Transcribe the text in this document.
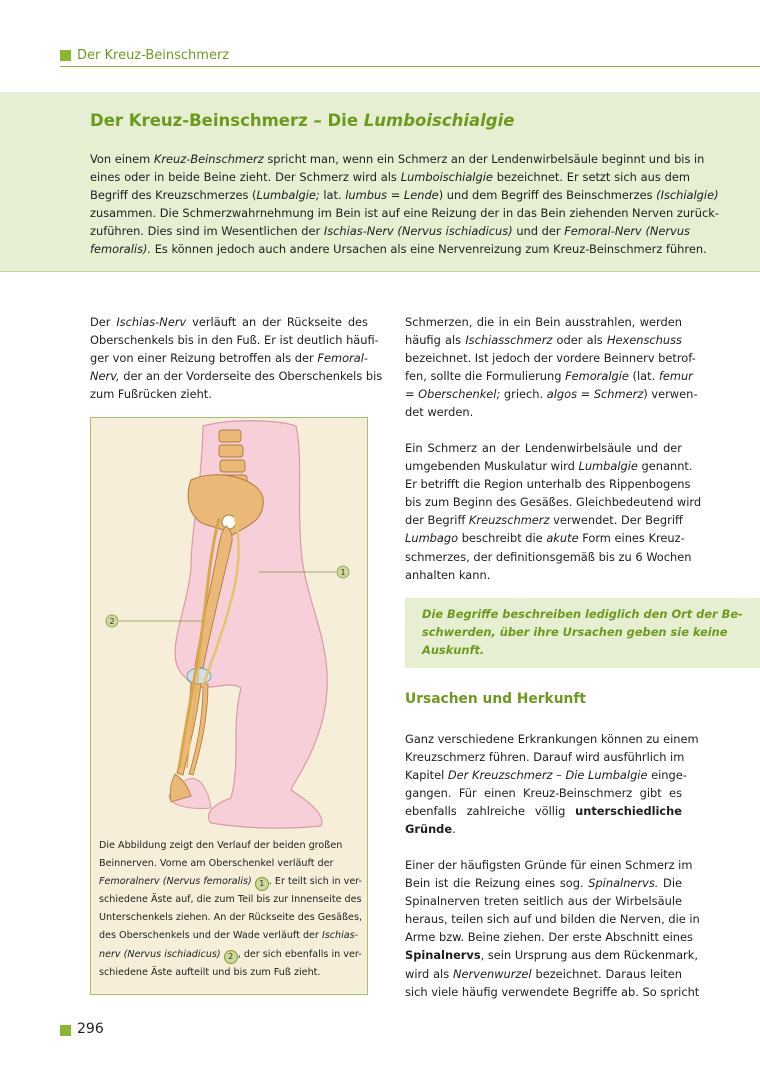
Der Kreuz-Beinschmerz
Der Kreuz-Beinschmerz – Die Lumboischialgie
Von einem Kreuz-Beinschmerz spricht man, wenn ein Schmerz an der Lendenwirbelsäule beginnt und bis in
eines oder in beide Beine zieht. Der Schmerz wird als Lumboischialgie bezeichnet. Er setzt sich aus dem
Begriff des Kreuzschmerzes (Lumbalgie; lat. lumbus = Lende) und dem Begriff des Beinschmerzes (Ischialgie)
zusammen. Die Schmerzwahrnehmung im Bein ist auf eine Reizung der in das Bein ziehenden Nerven zurück-
zuführen. Dies sind im Wesentlichen der Ischias-Nerv (Nervus ischiadicus) und der Femoral-Nerv (Nervus
femoralis). Es können jedoch auch andere Ursachen als eine Nervenreizung zum Kreuz-Beinschmerz führen.
Der Ischias-Nerv verläuft an der Rückseite des
Oberschenkels bis in den Fuß. Er ist deutlich häufi-
ger von einer Reizung betroffen als der Femoral-
Nerv, der an der Vorderseite des Oberschenkels bis
zum Fußrücken zieht.
1
2
Die Abbildung zeigt den Verlauf der beiden großen
Beinnerven. Vorne am Oberschenkel verläuft der
Femoralnerv (Nervus femoralis) 1 . Er teilt sich in ver-
schiedene Äste auf, die zum Teil bis zur Innenseite des
Unterschenkels ziehen. An der Rückseite des Gesäßes,
des Oberschenkels und der Wade verläuft der Ischias-
nerv (Nervus ischiadicus) 2 , der sich ebenfalls in ver-
schiedene Äste aufteilt und bis zum Fuß zieht.
Schmerzen, die in ein Bein ausstrahlen, werden
häufig als Ischiasschmerz oder als Hexenschuss
bezeichnet. Ist jedoch der vordere Beinnerv betrof-
fen, sollte die Formulierung Femoralgie (lat. femur
= Oberschenkel; griech. algos = Schmerz) verwen-
det werden.
Ein Schmerz an der Lendenwirbelsäule und der
umgebenden Muskulatur wird Lumbalgie genannt.
Er betrifft die Region unterhalb des Rippenbogens
bis zum Beginn des Gesäßes. Gleichbedeutend wird
der Begriff Kreuzschmerz verwendet. Der Begriff
Lumbago beschreibt die akute Form eines Kreuz-
schmerzes, der definitionsgemäß bis zu 6 Wochen
anhalten kann.
Die Begriffe beschreiben lediglich den Ort der Be-
schwerden, über ihre Ursachen geben sie keine
Auskunft.
Ursachen und Herkunft
Ganz verschiedene Erkrankungen können zu einem
Kreuzschmerz führen. Darauf wird ausführlich im
Kapitel Der Kreuzschmerz – Die Lumbalgie einge-
gangen. Für einen Kreuz-Beinschmerz gibt es
ebenfalls zahlreiche völlig unterschiedliche
Gründe.
Einer der häufigsten Gründe für einen Schmerz im
Bein ist die Reizung eines sog. Spinalnervs. Die
Spinalnerven treten seitlich aus der Wirbelsäule
heraus, teilen sich auf und bilden die Nerven, die in
Arme bzw. Beine ziehen. Der erste Abschnitt eines
Spinalnervs, sein Ursprung aus dem Rückenmark,
wird als Nervenwurzel bezeichnet. Daraus leiten
sich viele häufig verwendete Begriffe ab. So spricht
296
